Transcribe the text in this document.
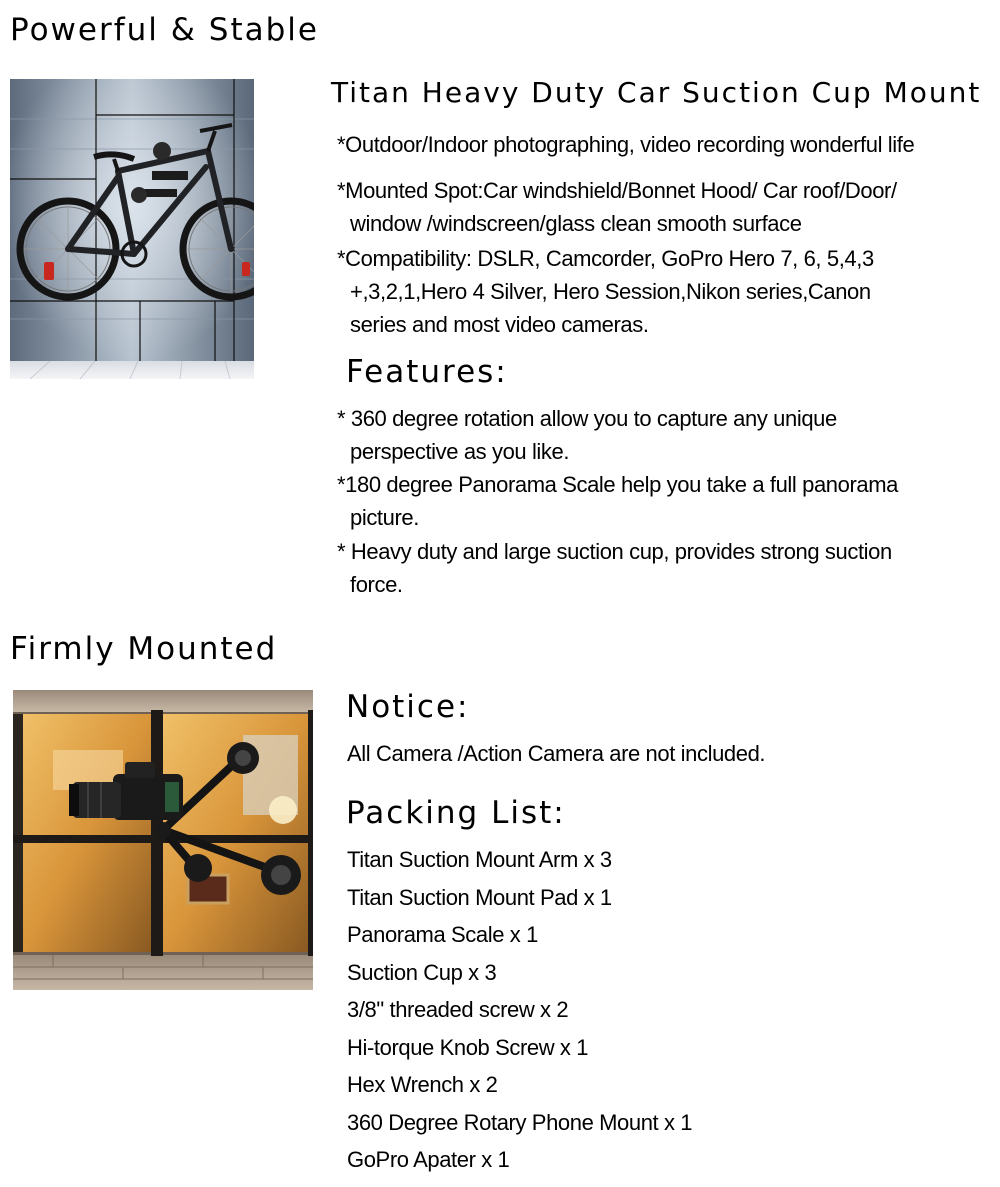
Powerful & Stable
Titan Heavy Duty Car Suction Cup Mount

*Outdoor/Indoor photographing, video recording wonderful life

*Mounted Spot:Car windshield/Bonnet Hood/ Car roof/Door/
window /windscreen/glass clean smooth surface

*Compatibility: DSLR, Camcorder, GoPro Hero 7, 6, 5,4,3
+,3,2,1,Hero 4 Silver, Hero Session,Nikon series,Canon
series and most video cameras.

Features:

* 360 degree rotation allow you to capture any unique
perspective as you like.

*180 degree Panorama Scale help you take a full panorama
picture.

* Heavy duty and large suction cup, provides strong suction
force.

Firmly Mounted
Notice:

All Camera /Action Camera are not included.

Packing List:
Titan Suction Mount Arm x 3
Titan Suction Mount Pad x 1
Panorama Scale x 1
Suction Cup x 3
3/8" threaded screw x 2
Hi-torque Knob Screw x 1
Hex Wrench x 2
360 Degree Rotary Phone Mount x 1
GoPro Apater x 1
